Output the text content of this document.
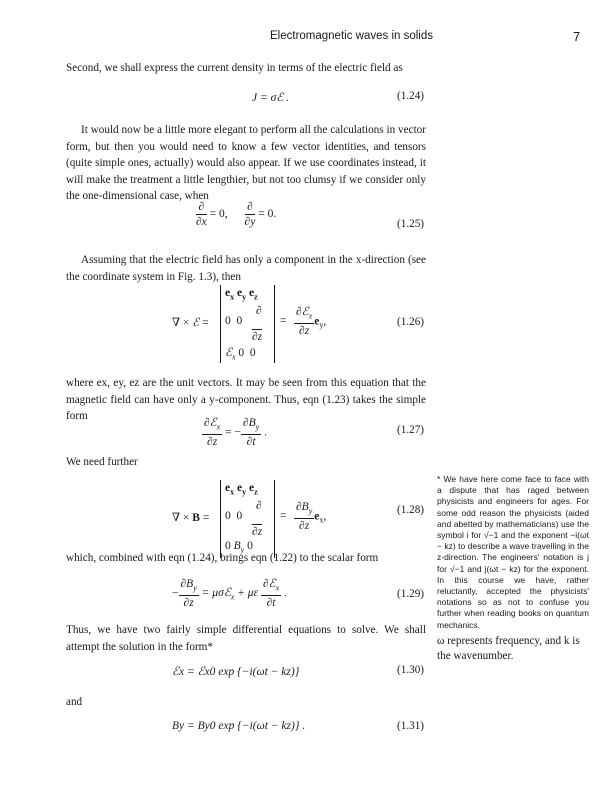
Electromagnetic waves in solids	7
Second, we shall express the current density in terms of the electric field as
J = σℰ .	(1.24)
It would now be a little more elegant to perform all the calculations in vector form, but then you would need to know a few vector identities, and tensors (quite simple ones, actually) would also appear. If we use coordinates instead, it will make the treatment a little lengthier, but not too clumsy if we consider only the one-dimensional case, when
$\frac{\partial}{\partial x} = 0$, $\frac{\partial}{\partial y} = 0$.
(1.25)
Assuming that the electric field has only a component in the x-direction (see the coordinate system in Fig. 1.3), then
∇ × ℰ =
$e_x$ $e_y$ $e_z$
∂
0  0
∂z
ℰ$_x$ 0  0
= $\frac{\partial ℰ_x}{\partial z} e_y$,	(1.26)
where ex, ey, ez are the unit vectors. It may be seen from this equation that the magnetic field can have only a y-component. Thus, eqn (1.23) takes the simple form	$\frac{\partial ℰ_x}{\partial z}$ = − $\frac{\partial B_y}{\partial t}$ .	(1.27)
We need further
∇ × B =
$e_x$ $e_y$ $e_z$
∂
0  0
∂z
0 $B_y$ 0
= $\frac{\partial B_y}{\partial z} e_x$,
(1.28)
which, combined with eqn (1.24), brings eqn (1.22) to the scalar form
− $\frac{\partial B_y}{\partial z}$ = μσℰ$_x$ + με $\frac{\partial ℰ_x}{\partial t}$ .	(1.29)
Thus, we have two fairly simple differential equations to solve. We shall attempt the solution in the form*
ℰx = ℰx0 exp {−i(ωt − kz)}	(1.30)
and
By = By0 exp {−i(ωt − kz)} .	(1.31)
* We have here come face to face with a dispute that has raged between physicists and engineers for ages. For some odd reason the physicists (aided and abetted by mathematicians) use the symbol i for √−1 and the exponent −i(ωt − kz) to describe a wave travelling in the z-direction. The engineers' notation is j for √−1 and j(ωt − kz) for the exponent. In this course we have, rather reluctantly, accepted the physicists' notations so as not to confuse you further when reading books on quantum mechanics.
ω represents frequency, and k is the wavenumber.
